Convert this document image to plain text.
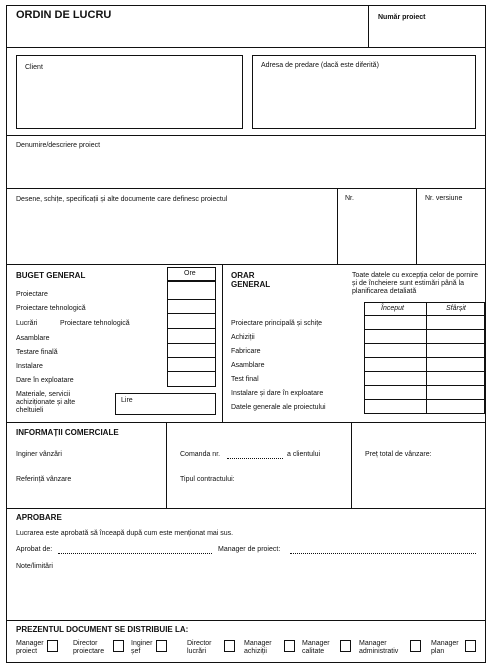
ORDIN DE LUCRU	Număr proiect
Client	Adresa de predare (dacă este diferită)
Denumire/descriere proiect
Desene, schițe, specificații și alte documente care definesc proiectul	Nr.	Nr. versiune
BUGET GENERAL	Ore
Proiectare
Proiectare tehnologică
Lucrări	Proiectare tehnologică
Asamblare
Testare finală
Instalare
Dare în exploatare
Materiale, servicii achiziționate și alte cheltuieli
Lire
ORAR
GENERAL
Toate datele cu excepția celor de pornire și de încheiere sunt estimări până la planificarea detaliată
Început	Sfârșit
Proiectare principală și schițe
Achiziții
Fabricare
Asamblare
Test final
Instalare și dare în exploatare
Datele generale ale proiectului
INFORMAȚII COMERCIALE
Inginer vânzări
Referință vânzare
Comanda nr.	a clientului
Tipul contractului:
Preț total de vânzare:
APROBARE
Lucrarea este aprobată să înceapă după cum este menționat mai sus.
Aprobat de:	Manager de proiect:
Note/limitări
PREZENTUL DOCUMENT SE DISTRIBUIE LA:
Manager
proiect
Director
proiectare
Inginer
șef
Director
lucrări
Manager
achiziții
Manager
calitate
Manager
administrativ
Manager
plan
